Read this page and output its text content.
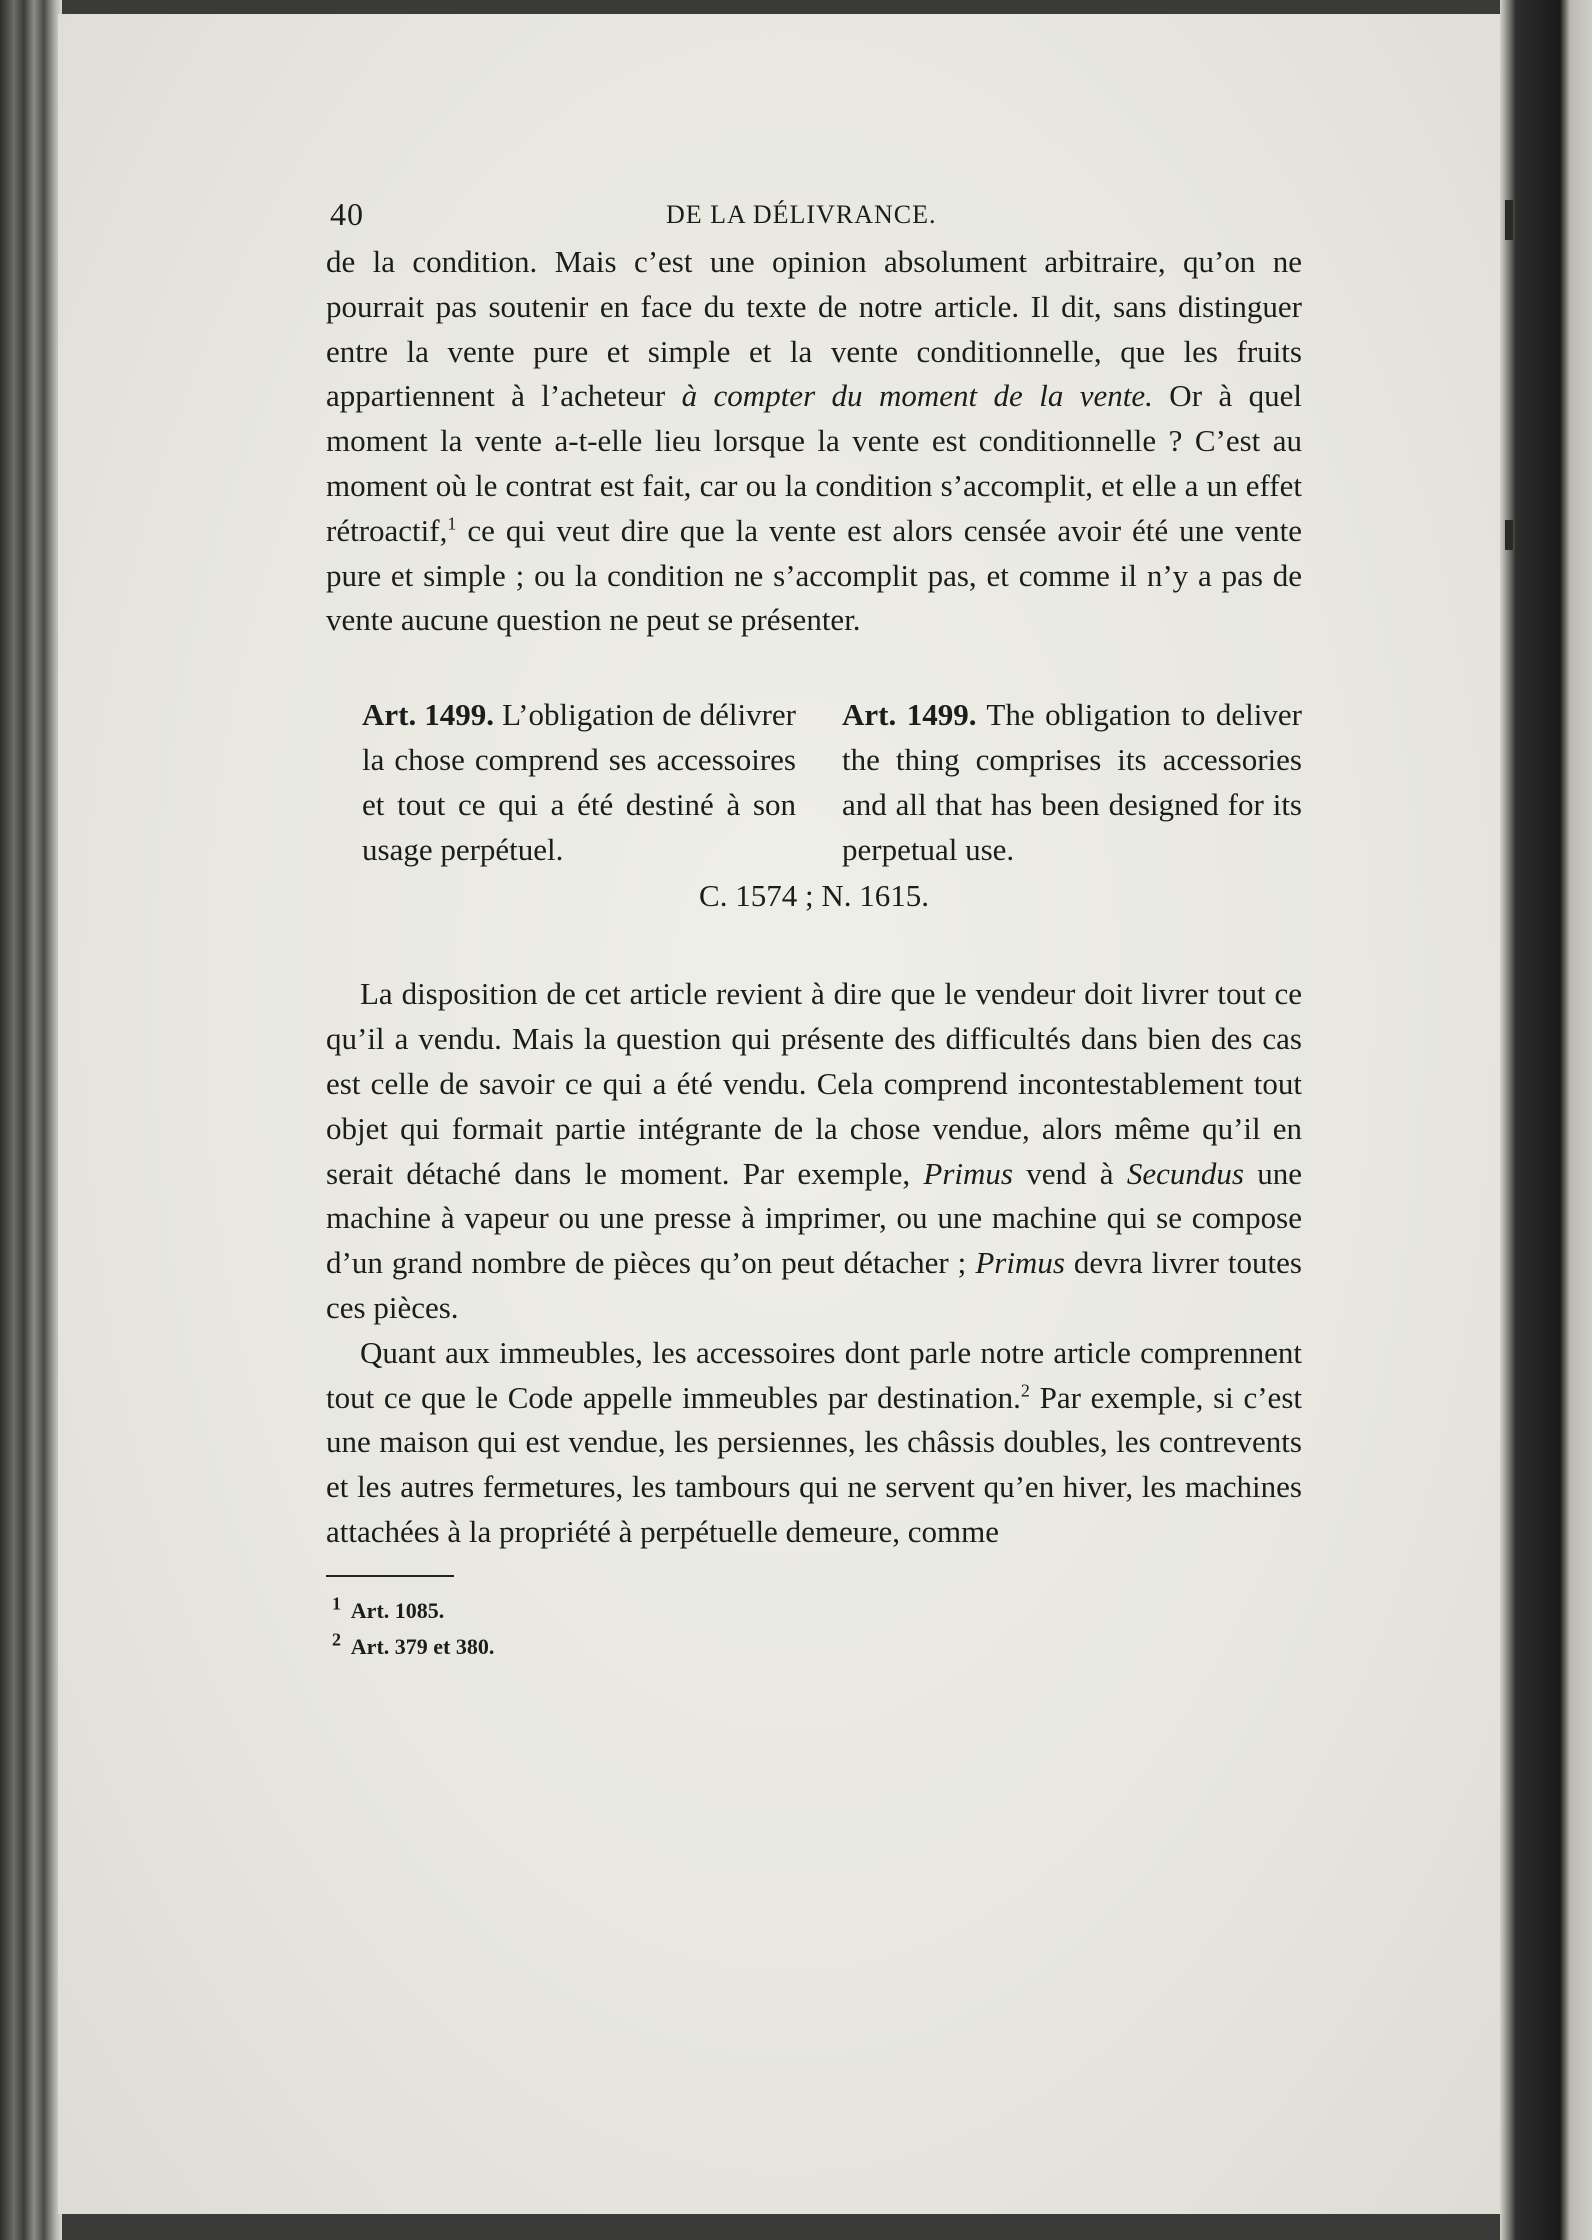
40	DE LA DÉLIVRANCE.

de la condition. Mais c’est une opinion absolument arbitraire, qu’on ne pourrait pas soutenir en face du texte de notre article. Il dit, sans distinguer entre la vente pure et simple et la vente conditionnelle, que les fruits appartiennent à l’acheteur à compter du moment de la vente. Or à quel moment la vente a-t-elle lieu lorsque la vente est conditionnelle ? C’est au moment où le contrat est fait, car ou la condition s’accomplit, et elle a un effet rétroactif,$^1$ ce qui veut dire que la vente est alors censée avoir été une vente pure et simple ; ou la condition ne s’accomplit pas, et comme il n’y a pas de vente aucune question ne peut se présenter.

Art. 1499. L’obligation de délivrer la chose comprend ses accessoires et tout ce qui a été destiné à son usage perpétuel.
Art. 1499. The obligation to deliver the thing comprises its accessories and all that has been designed for its perpetual use.
C. 1574 ; N. 1615.

La disposition de cet article revient à dire que le vendeur doit livrer tout ce qu’il a vendu. Mais la question qui présente des difficultés dans bien des cas est celle de savoir ce qui a été vendu. Cela comprend incontestablement tout objet qui formait partie intégrante de la chose vendue, alors même qu’il en serait détaché dans le moment. Par exemple, Primus vend à Secundus une machine à vapeur ou une presse à imprimer, ou une machine qui se compose d’un grand nombre de pièces qu’on peut détacher ; Primus devra livrer toutes ces pièces.

Quant aux immeubles, les accessoires dont parle notre article comprennent tout ce que le Code appelle immeubles par destination.$^2$ Par exemple, si c’est une maison qui est vendue, les persiennes, les châssis doubles, les contrevents et les autres fermetures, les tambours qui ne servent qu’en hiver, les machines attachées à la propriété à perpétuelle demeure, comme

$^1$ Art. 1085.
$^2$ Art. 379 et 380.
